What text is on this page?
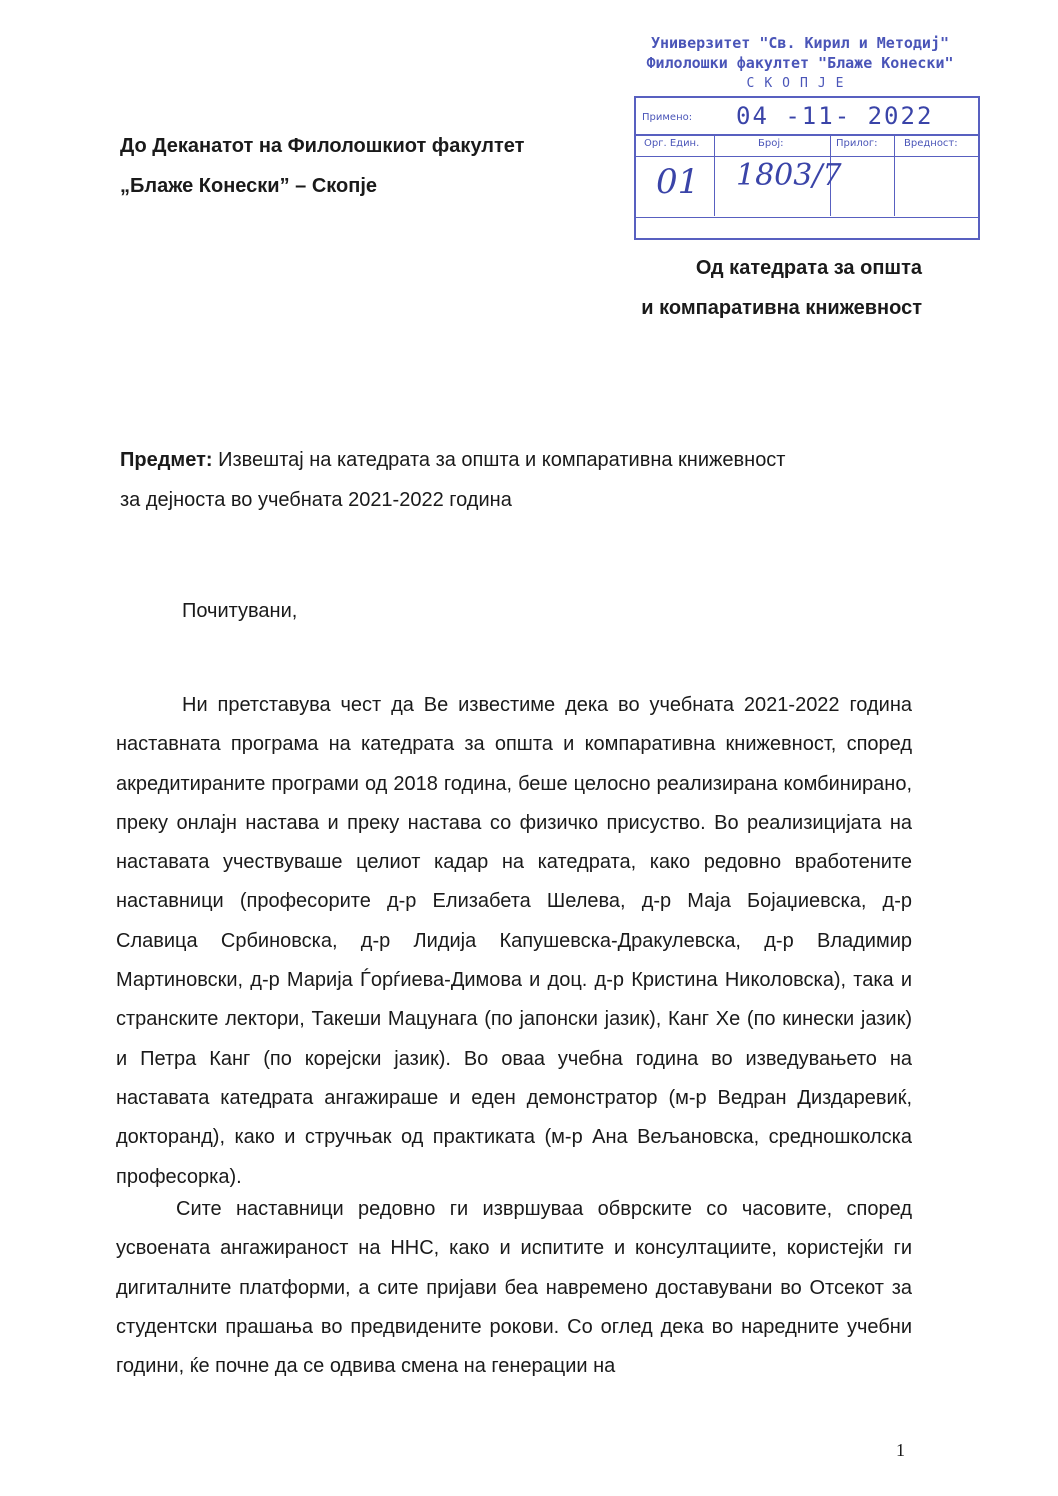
Универзитет "Св. Кирил и Методиј"
Филолошки факултет "Блаже Конески"
СКОПЈЕ
Примено: 04 -11- 2022
Орг. Един.	Број:	Прилог:	Вредност:
01 1803/7
До Деканатот на Филолошкиот факултет
„Блаже Конески” – Скопје
Од катедрата за општа
и компаративна книжевност
Предмет: Извештај на катедрата за општа и компаративна книжевност
за дејноста во учебната 2021-2022 година
Почитувани,
Ни претставува чест да Ве известиме дека во учебната 2021-2022 година наставната програма на катедрата за општа и компаративна книжевност, според акредитираните програми од 2018 година, беше целосно реализирана комбинирано, преку онлајн настава и преку настава со физичко присуство. Во реализицијата на наставата учествуваше целиот кадар на катедрата, како редовно вработените наставници (професорите д-р Елизабета Шелева, д-р Маја Бојаџиевска, д-р Славица Србиновска, д-р Лидија Капушевска-Дракулевска, д-р Владимир Мартиновски, д-р Марија Ѓорѓиева-Димова и доц. д-р Кристина Николовска), така и странските лектори, Такеши Мацунага (по јапонски јазик), Канг Хе (по кинески јазик) и Петра Канг (по корејски јазик). Во оваа учебна година во изведувањето на наставата катедрата ангажираше и еден демонстратор (м-р Ведран Диздаревиќ, докторанд), како и стручњак од практиката (м-р Ана Вељановска, средношколска професорка).
Сите наставници редовно ги извршуваа обврските со часовите, според усвоената ангажираност на ННС, како и испитите и консултациите, користејќи ги дигиталните платформи, а сите пријави беа навремено доставувани во Отсекот за студентски прашања во предвидените рокови. Со оглед дека во наредните учебни години, ќе почне да се одвива смена на генерации на
1
